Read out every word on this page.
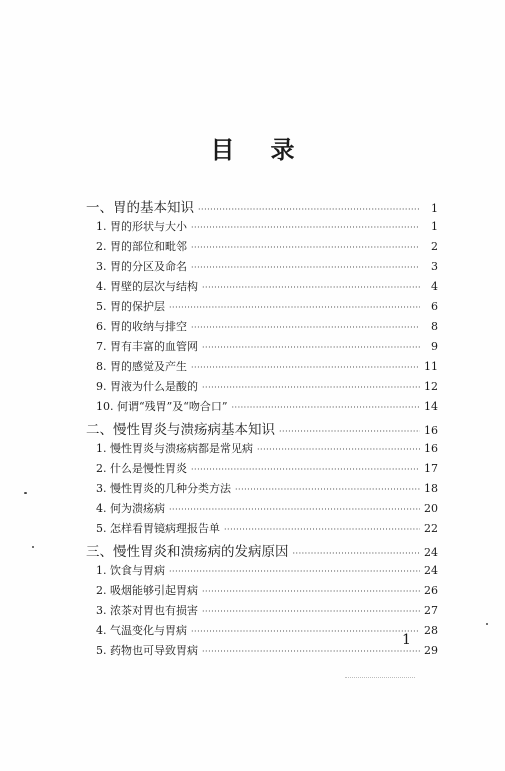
目录
一、胃的基本知识 ·····	1
1. 胃的形状与大小 ·····	1
2. 胃的部位和毗邻 ·····	2
3. 胃的分区及命名 ·····	3
4. 胃壁的层次与结构 ·····	4
5. 胃的保护层 ·····	6
6. 胃的收纳与排空 ·····	8
7. 胃有丰富的血管网 ·····	9
8. 胃的感觉及产生 ·····	11
9. 胃液为什么是酸的 ·····	12
10. 何谓“残胃”及“吻合口” ·····	14
二、慢性胃炎与溃疡病基本知识 ·····	16
1. 慢性胃炎与溃疡病都是常见病 ·····	16
2. 什么是慢性胃炎 ·····	17
3. 慢性胃炎的几种分类方法 ·····	18
4. 何为溃疡病 ·····	20
5. 怎样看胃镜病理报告单 ·····	22
三、慢性胃炎和溃疡病的发病原因 ·····	24
1. 饮食与胃病 ·····	24
2. 吸烟能够引起胃病 ·····	26
3. 浓茶对胃也有损害 ·····	27
4. 气温变化与胃病 ·····	28
5. 药物也可导致胃病 ·····	29
1
